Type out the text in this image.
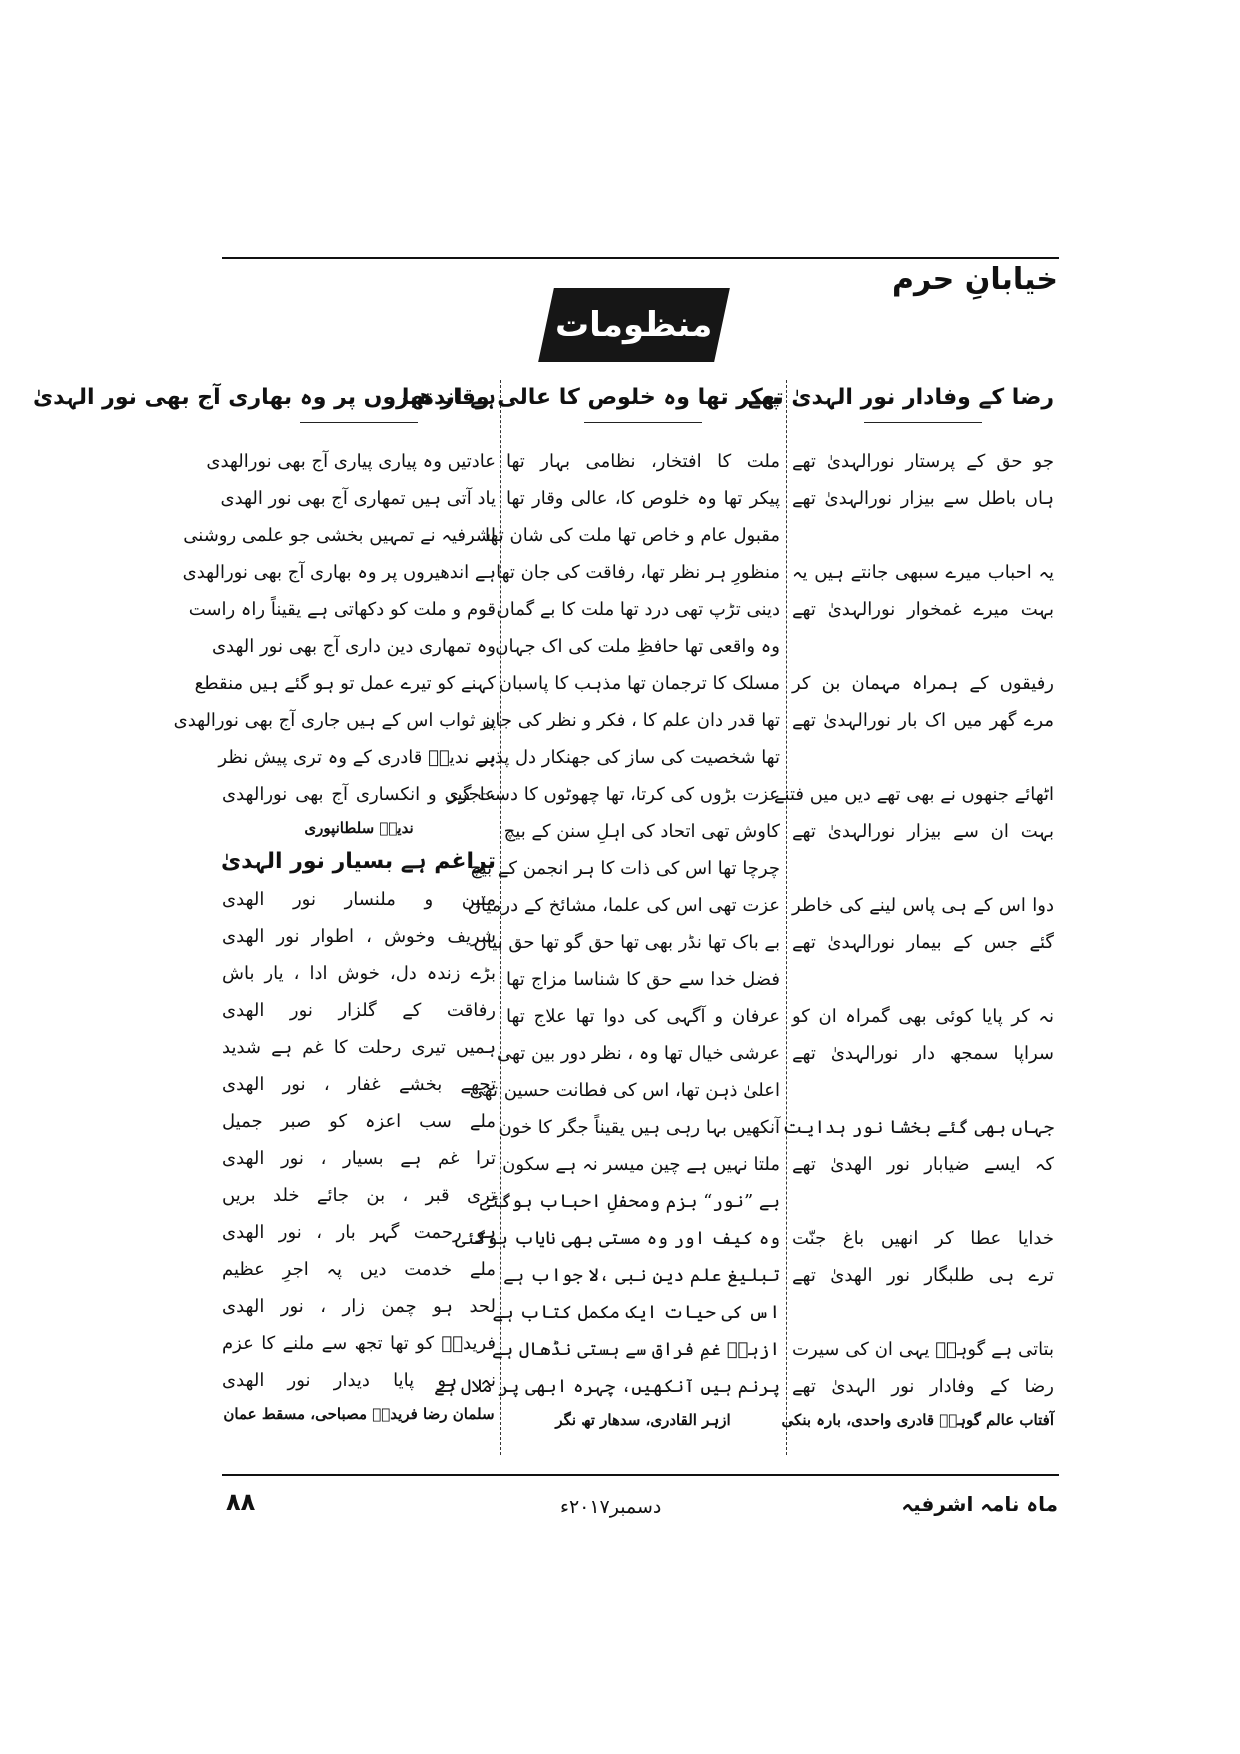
خیابانِ حرم
منظومات
رضا کے وفادار نور الہدیٰ تھے
جو حق کے پرستار نورالہدیٰ تھے
ہاں باطل سے بیزار نورالہدیٰ تھے
یہ احباب میرے سبھی جانتے ہیں یہ
بہت میرے غمخوار نورالہدیٰ تھے
رفیقوں کے ہمراہ مہمان بن کر
مرے گھر میں اک بار نورالہدیٰ تھے
اٹھائے جنھوں نے بھی تھے دیں میں فتنے
بہت ان سے بیزار نورالہدیٰ تھے
دوا اس کے ہی پاس لینے کی خاطر
گئے جس کے بیمار نورالہدیٰ تھے
نہ کر پایا کوئی بھی گمراہ ان کو
سراپا سمجھ دار نورالہدیٰ تھے
جہاں بھی گئے بخشا نور ہدایت
کہ ایسے ضیابار نور الھدیٰ تھے
خدایا عطا کر انھیں باغ جنّت
ترے ہی طلبگار نور الھدیٰ تھے
بتاتی ہے گوہرؔ یہی ان کی سیرت
رضا کے وفادار نور الہدیٰ تھے
آفتاب عالم گوہرؔ قادری واحدی، بارہ بنکی
پیکر تھا وہ خلوص کا عالی وقار تھا
ملت کا افتخار، نظامی بہار تھا
پیکر تھا وہ خلوص کا، عالی وقار تھا
مقبول عام و خاص تھا ملت کی شان تھا
منظورِ ہر نظر تھا، رفاقت کی جان تھا
دینی تڑپ تھی درد تھا ملت کا بے گماں
وہ واقعی تھا حافظِ ملت کی اک جہاں
مسلک کا ترجمان تھا مذہب کا پاسبان
تھا قدر دان علم کا ، فکر و نظر کی جان
تھا شخصیت کی ساز کی جھنکار دل پذیر
عزت بڑوں کی کرتا، تھا چھوٹوں کا دست گیر
کاوش تھی اتحاد کی اہلِ سنن کے بیچ
چرچا تھا اس کی ذات کا ہر انجمن کے بیچ
عزت تھی اس کی علما، مشائخ کے درمیاں
بے باک تھا نڈر بھی تھا حق گو تھا حق بیاں
فضل خدا سے حق کا شناسا مزاج تھا
عرفان و آگہی کی دوا تھا علاج تھا
عرشی خیال تھا وہ ، نظر دور بین تھی
اعلیٰ ذہن تھا، اس کی فطانت حسین تھی
آنکھیں بہا رہی ہیں یقیناً جگر کا خون
ملتا نہیں ہے چین میسر نہ ہے سکون
بے ”نور“ بزم ومحفلِ احباب ہوگئی
وہ کیف اور وہ مستی بھی نایاب ہوگئی
تبلیغ علم دینِ نبی ،لا جواب ہے
اس کی حیات ایک مکمل کتاب ہے
ازہرؔ غمِ فراق سے ہستی نڈھال ہے
پرنم ہیں آنکھیں، چہرہ ابھی پر ملال ہے
ازہر القادری، سدھار تھ نگر
ہے اندھیروں پر وہ بھاری آج بھی نور الہدیٰ
عادتیں وہ پیاری پیاری آج بھی نورالھدی
یاد آتی ہیں تمھاری آج بھی نور الھدی
اشرفیہ نے تمہیں بخشی جو علمی روشنی
ہے اندھیروں پر وہ بھاری آج بھی نورالھدی
قوم و ملت کو دکھاتی ہے یقیناً راہ راست
وہ تمھاری دین داری آج بھی نور الھدی
کہنے کو تیرے عمل تو ہو گئے ہیں منقطع
پر ثواب اس کے ہیں جاری آج بھی نورالھدی
ہے ندیمؔ قادری کے وہ تری پیش نظر
عاجزی و انکساری آج بھی نورالھدی
ندیمؔ سلطانپوری
تراغم ہے بسیار نور الہدیٰ
متین و ملنسار نور الھدی
شریف وخوش ، اطوار نور الھدی
بڑے زندہ دل، خوش ادا ، یار باش
رفاقت کے گلزار نور الھدی
ہمیں تیری رحلت کا غم ہے شدید
تجھے بخشے غفار ، نور الھدی
ملے سب اعزہ کو صبر جمیل
ترا غم ہے بسیار ، نور الھدی
تری قبر ، بن جائے خلد بریں
ہو رحمت گہر بار ، نور الھدی
ملے خدمت دیں پہ اجرِ عظیم
لحد ہو چمن زار ، نور الھدی
فریدیؔ کو تھا تجھ سے ملنے کا عزم
نہ ہو پایا دیدار نور الھدی
سلمان رضا فریدیؔ مصباحی، مسقط عمان
ماہ نامہ اشرفیہ
دسمبر۲۰۱۷ء
۸۸
